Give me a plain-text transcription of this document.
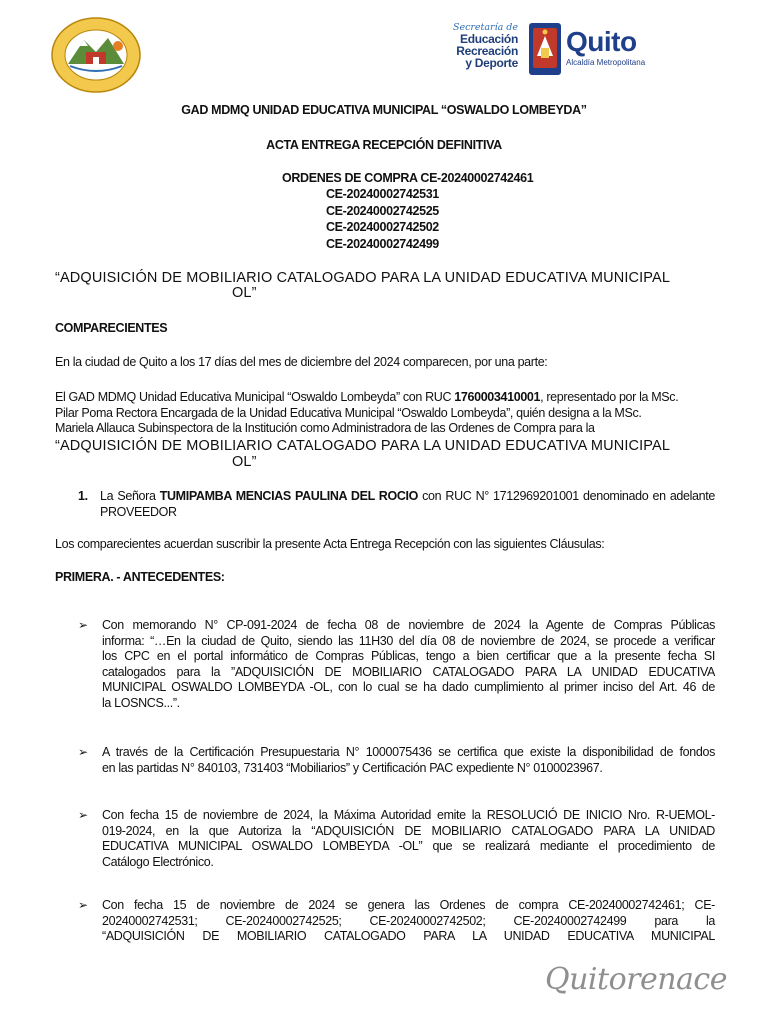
Secretaría de
Educación
Recreación
y Deporte
Quito
Alcaldía Metropolitana
GAD MDMQ UNIDAD EDUCATIVA MUNICIPAL “OSWALDO LOMBEYDA”
ACTA ENTREGA RECEPCIÓN DEFINITIVA
ORDENES DE COMPRA CE-20240002742461
CE-20240002742531
CE-20240002742525
CE-20240002742502
CE-20240002742499
“ADQUISICIÓN DE MOBILIARIO CATALOGADO PARA LA UNIDAD EDUCATIVA MUNICIPAL
OL”
COMPARECIENTES
En la ciudad de Quito a los 17 días del mes de diciembre del 2024 comparecen, por una parte:
El GAD MDMQ Unidad Educativa Municipal “Oswaldo Lombeyda” con RUC 1760003410001, representado por la MSc.
Pilar Poma Rectora Encargada de la Unidad Educativa Municipal “Oswaldo Lombeyda”, quién designa a la MSc.
Mariela Allauca Subinspectora de la Institución como Administradora de las Ordenes de Compra para la
“ADQUISICIÓN DE MOBILIARIO CATALOGADO PARA LA UNIDAD EDUCATIVA MUNICIPAL
OL”
1. La Señora TUMIPAMBA MENCIAS PAULINA DEL ROCIO con RUC N° 1712969201001 denominado en adelante PROVEEDOR
Los comparecientes acuerdan suscribir la presente Acta Entrega Recepción con las siguientes Cláusulas:
PRIMERA. - ANTECEDENTES:
➢ Con memorando N° CP-091-2024 de fecha 08 de noviembre de 2024 la Agente de Compras Públicas
informa: “…En la ciudad de Quito, siendo las 11H30 del día 08 de noviembre de 2024, se procede a verificar
los CPC en el portal informático de Compras Públicas, tengo a bien certificar que a la presente fecha SI
catalogados para la ”ADQUISICIÓN DE MOBILIARIO CATALOGADO PARA LA UNIDAD EDUCATIVA
MUNICIPAL OSWALDO LOMBEYDA -OL, con lo cual se ha dado cumplimiento al primer inciso del Art. 46 de
la LOSNCS...”.
➢ A través de la Certificación Presupuestaria N° 1000075436 se certifica que existe la disponibilidad de fondos
en las partidas N° 840103, 731403 “Mobiliarios” y Certificación PAC expediente N° 0100023967.
➢ Con fecha 15 de noviembre de 2024, la Máxima Autoridad emite la RESOLUCIÓ DE INICIO Nro. R-UEMOL-
019-2024, en la que Autoriza la “ADQUISICIÓN DE MOBILIARIO CATALOGADO PARA LA UNIDAD
EDUCATIVA MUNICIPAL OSWALDO LOMBEYDA -OL” que se realizará mediante el procedimiento de
Catálogo Electrónico.
➢ Con fecha 15 de noviembre de 2024 se genera las Ordenes de compra CE-20240002742461; CE-
20240002742531; CE-20240002742525; CE-20240002742502; CE-20240002742499 para la
“ADQUISICIÓN DE MOBILIARIO CATALOGADO PARA LA UNIDAD EDUCATIVA MUNICIPAL
Quitorenace
